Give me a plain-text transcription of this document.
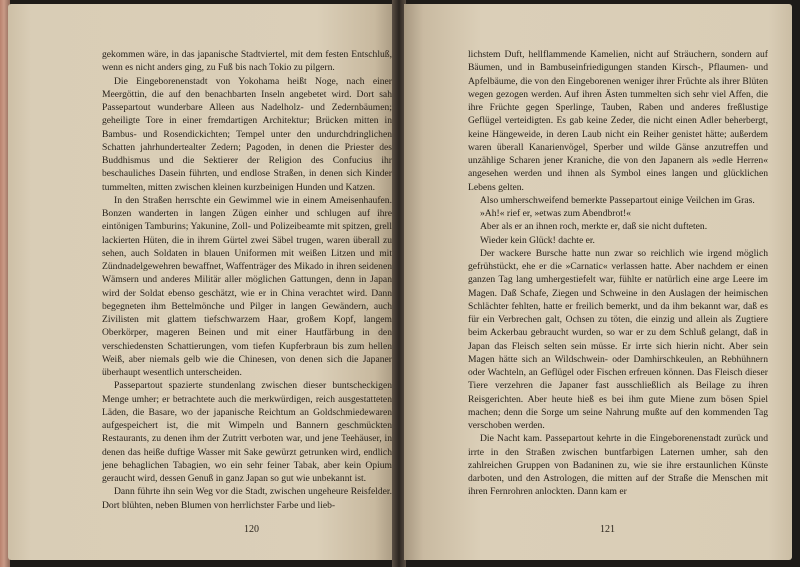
gekommen wäre, in das japanische Stadtviertel, mit dem festen Entschluß, wenn es nicht anders ging, zu Fuß bis nach Tokio zu pilgern.

Die Eingeborenenstadt von Yokohama heißt Noge, nach einer Meergöttin, die auf den benachbarten Inseln angebetet wird. Dort sah Passepartout wunderbare Alleen aus Nadelholz- und Zedernbäumen; geheiligte Tore in einer fremdartigen Architektur; Brücken mitten in Bambus- und Rosendickichten; Tempel unter den undurchdringlichen Schatten jahrhundertealter Zedern; Pagoden, in denen die Priester des Buddhismus und die Sektierer der Religion des Confucius ihr beschauliches Dasein führten, und endlose Straßen, in denen sich Kinder tummelten, mitten zwischen kleinen kurzbeinigen Hunden und Katzen.

In den Straßen herrschte ein Gewimmel wie in einem Ameisenhaufen. Bonzen wanderten in langen Zügen einher und schlugen auf ihre eintönigen Tamburins; Yakunine, Zoll- und Polizeibeamte mit spitzen, grell lackierten Hüten, die in ihrem Gürtel zwei Säbel trugen, waren überall zu sehen, auch Soldaten in blauen Uniformen mit weißen Litzen und mit Zündnadelgewehren bewaffnet, Waffenträger des Mikado in ihren seidenen Wämsern und anderes Militär aller möglichen Gattungen, denn in Japan wird der Soldat ebenso geschätzt, wie er in China verachtet wird. Dann begegneten ihm Bettelmönche und Pilger in langen Gewändern, auch Zivilisten mit glattem tiefschwarzem Haar, großem Kopf, langem Oberkörper, mageren Beinen und mit einer Hautfärbung in den verschiedensten Schattierungen, vom tiefen Kupferbraun bis zum hellen Weiß, aber niemals gelb wie die Chinesen, von denen sich die Japaner überhaupt wesentlich unterscheiden.

Passepartout spazierte stundenlang zwischen dieser buntscheckigen Menge umher; er betrachtete auch die merkwürdigen, reich ausgestatteten Läden, die Basare, wo der japanische Reichtum an Goldschmiedewaren aufgespeichert ist, die mit Wimpeln und Bannern geschmückten Restaurants, zu denen ihm der Zutritt verboten war, und jene Teehäuser, in denen das heiße duftige Wasser mit Sake gewürzt getrunken wird, endlich jene behaglichen Tabagien, wo ein sehr feiner Tabak, aber kein Opium geraucht wird, dessen Genuß in ganz Japan so gut wie unbekannt ist.

Dann führte ihn sein Weg vor die Stadt, zwischen ungeheure Reisfelder. Dort blühten, neben Blumen von herrlichster Farbe und lieb-

120

lichstem Duft, hellflammende Kamelien, nicht auf Sträuchern, sondern auf Bäumen, und in Bambuseinfriedigungen standen Kirsch-, Pflaumen- und Apfelbäume, die von den Eingeborenen weniger ihrer Früchte als ihrer Blüten wegen gezogen werden. Auf ihren Ästen tummelten sich sehr viel Affen, die ihre Früchte gegen Sperlinge, Tauben, Raben und anderes freßlustige Geflügel verteidigten. Es gab keine Zeder, die nicht einen Adler beherbergt, keine Hängeweide, in deren Laub nicht ein Reiher genistet hätte; außerdem waren überall Kanarienvögel, Sperber und wilde Gänse anzutreffen und unzählige Scharen jener Kraniche, die von den Japanern als »edle Herren« angesehen werden und ihnen als Symbol eines langen und glücklichen Lebens gelten.

Also umherschweifend bemerkte Passepartout einige Veilchen im Gras.

»Ah!« rief er, »etwas zum Abendbrot!«

Aber als er an ihnen roch, merkte er, daß sie nicht dufteten.

Wieder kein Glück! dachte er.

Der wackere Bursche hatte nun zwar so reichlich wie irgend möglich gefrühstückt, ehe er die »Carnatic« verlassen hatte. Aber nachdem er einen ganzen Tag lang umhergestiefelt war, fühlte er natürlich eine arge Leere im Magen. Daß Schafe, Ziegen und Schweine in den Auslagen der heimischen Schlächter fehlten, hatte er freilich bemerkt, und da ihm bekannt war, daß es für ein Verbrechen galt, Ochsen zu töten, die einzig und allein als Zugtiere beim Ackerbau gebraucht wurden, so war er zu dem Schluß gelangt, daß in Japan das Fleisch selten sein müsse. Er irrte sich hierin nicht. Aber sein Magen hätte sich an Wildschwein- oder Damhirschkeulen, an Rebhühnern oder Wachteln, an Geflügel oder Fischen erfreuen können. Das Fleisch dieser Tiere verzehren die Japaner fast ausschließlich als Beilage zu ihren Reisgerichten. Aber heute hieß es bei ihm gute Miene zum bösen Spiel machen; denn die Sorge um seine Nahrung mußte auf den kommenden Tag verschoben werden.

Die Nacht kam. Passepartout kehrte in die Eingeborenenstadt zurück und irrte in den Straßen zwischen buntfarbigen Laternen umher, sah den zahlreichen Gruppen von Badaninen zu, wie sie ihre erstaunlichen Künste darboten, und den Astrologen, die mitten auf der Straße die Menschen mit ihren Fernrohren anlockten. Dann kam er

121
